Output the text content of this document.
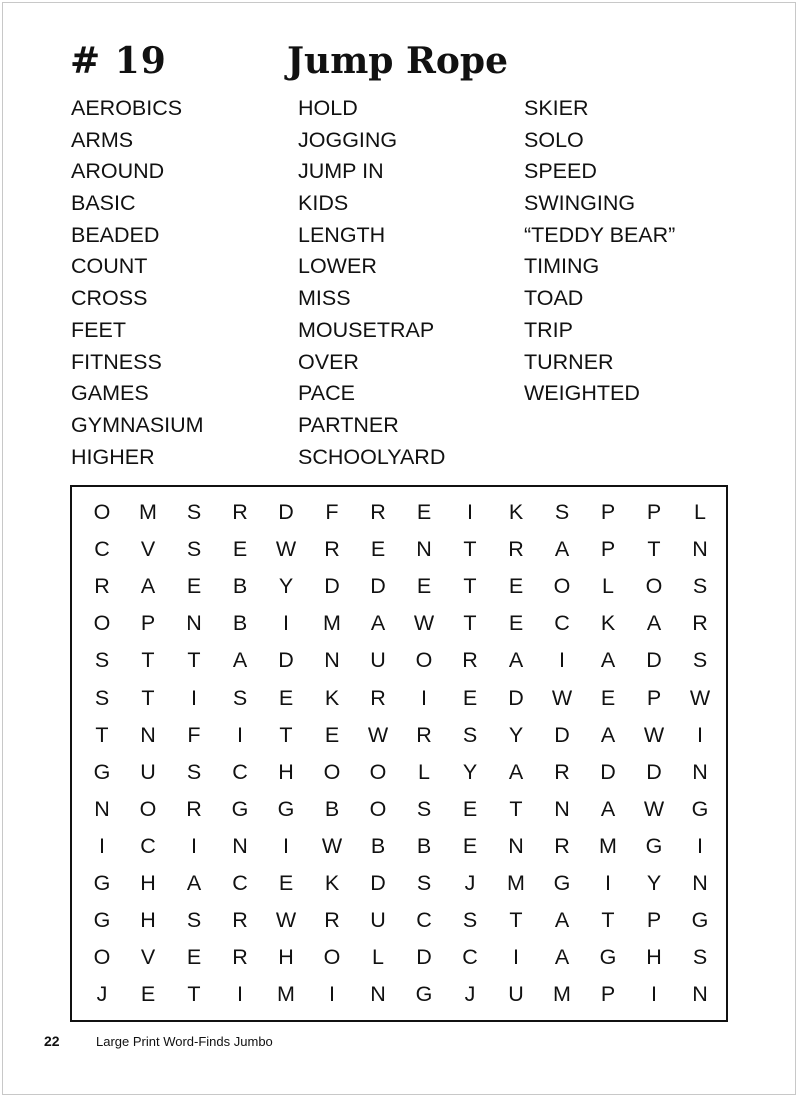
# 19	Jump Rope
AEROBICS
ARMS
AROUND
BASIC
BEADED
COUNT
CROSS
FEET
FITNESS
GAMES
GYMNASIUM
HIGHER
HOLD
JOGGING
JUMP IN
KIDS
LENGTH
LOWER
MISS
MOUSETRAP
OVER
PACE
PARTNER
SCHOOLYARD
SKIER
SOLO
SPEED
SWINGING
“TEDDY BEAR”
TIMING
TOAD
TRIP
TURNER
WEIGHTED
O	M	S	R	D	F	R	E	I	K	S	P	P	L
C	V	S	E	W	R	E	N	T	R	A	P	T	N
R	A	E	B	Y	D	D	E	T	E	O	L	O	S
O	P	N	B	I	M	A	W	T	E	C	K	A	R
S	T	T	A	D	N	U	O	R	A	I	A	D	S
S	T	I	S	E	K	R	I	E	D	W	E	P	W
T	N	F	I	T	E	W	R	S	Y	D	A	W	I
G	U	S	C	H	O	O	L	Y	A	R	D	D	N
N	O	R	G	G	B	O	S	E	T	N	A	W	G
I	C	I	N	I	W	B	B	E	N	R	M	G	I
G	H	A	C	E	K	D	S	J	M	G	I	Y	N
G	H	S	R	W	R	U	C	S	T	A	T	P	G
O	V	E	R	H	O	L	D	C	I	A	G	H	S
J	E	T	I	M	I	N	G	J	U	M	P	I	N
22	Large Print Word-Finds Jumbo
